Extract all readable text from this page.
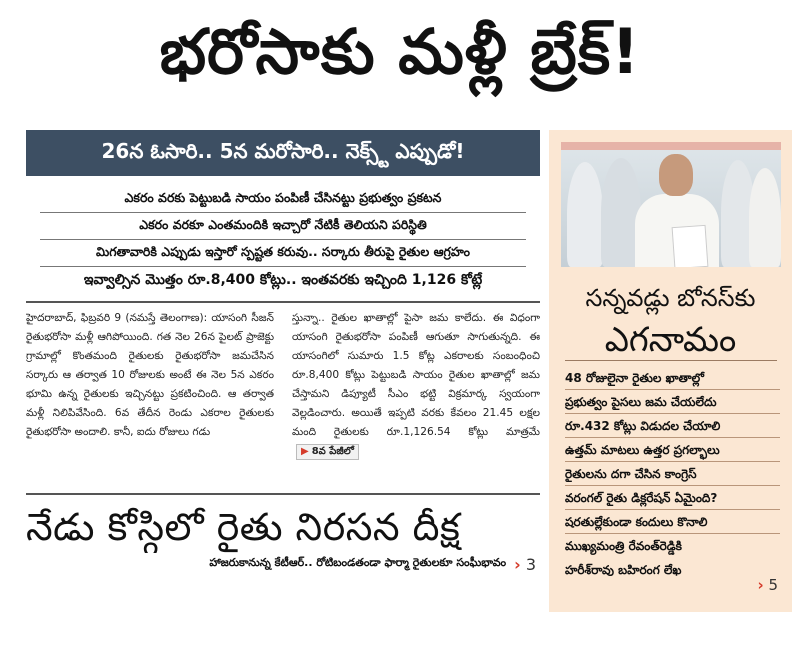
భరోసాకు మళ్లీ బ్రేక్!
26న ఓసారి.. 5న మరోసారి.. నెక్స్ట్ ఎప్పుడో!
ఎకరం వరకు పెట్టుబడి సాయం పంపిణీ చేసినట్టు ప్రభుత్వం ప్రకటన
ఎకరం వరకూ ఎంతమందికి ఇచ్చారో నేటికీ తెలియని పరిస్థితి
మిగతావారికి ఎప్పుడు ఇస్తారో స్పష్టత కరువు.. సర్కారు తీరుపై రైతుల ఆగ్రహం
ఇవ్వాల్సిన మొత్తం రూ.8,400 కోట్లు.. ఇంతవరకు ఇచ్చింది 1,126 కోట్లే
హైదరాబాద్, ఫిబ్రవరి 9 (నమస్తే తెలంగాణ): యాసంగి సీజన్ రైతుభరోసా మళ్లీ ఆగిపోయింది. గత నెల 26న పైలట్ ప్రాజెక్టు గ్రామాల్లో కొంతమంది రైతులకు రైతుభరోసా జమచేసిన సర్కారు ఆ తర్వాత 10 రోజులకు అంటే ఈ నెల 5న ఎకరం భూమి ఉన్న రైతులకు ఇచ్చినట్టు ప్రకటించింది. ఆ తర్వాత మళ్లీ నిలిపివేసింది. 6వ తేదీన రెండు ఎకరాల రైతులకు రైతుభరోసా అందాలి. కానీ, ఐదు రోజులు గడు
స్తున్నా.. రైతుల ఖాతాల్లో పైసా జమ కాలేదు. ఈ విధంగా యాసంగి రైతుభరోసా పంపిణీ ఆగుతూ సాగుతున్నది. ఈ యాసంగిలో సుమారు 1.5 కోట్ల ఎకరాలకు సంబంధించి రూ.8,400 కోట్లు పెట్టుబడి సాయం రైతుల ఖాతాల్లో జమ చేస్తామని డిప్యూటీ సీఎం భట్టి విక్రమార్క స్వయంగా వెల్లడించారు. అయితే ఇప్పటి వరకు కేవలం 21.45 లక్షల మంది రైతులకు రూ.1,126.54 కోట్లు మాత్రమే ▶ 8వ పేజీలో
నేడు కోస్గిలో రైతు నిరసన దీక్ష
హాజరుకానున్న కేటీఆర్.. రోటిబండతండా ఫార్మా రైతులకూ సంఘీభావం › 3
సన్నవడ్లు బోనస్‌కు
ఎగనామం
48 రోజులైనా రైతుల ఖాతాల్లో
ప్రభుత్వం పైసలు జమ చేయలేదు
రూ.432 కోట్లు విడుదల చేయాలి
ఉత్తమ్ మాటలు ఉత్తర ప్రగల్భాలు
రైతులను దగా చేసిన కాంగ్రెస్
వరంగల్ రైతు డిక్లరేషన్ ఏమైంది?
షరతుల్లేకుండా కందులు కొనాలి
ముఖ్యమంత్రి రేవంత్‌రెడ్డికి
హరీశ్‌రావు బహిరంగ లేఖ
› 5
